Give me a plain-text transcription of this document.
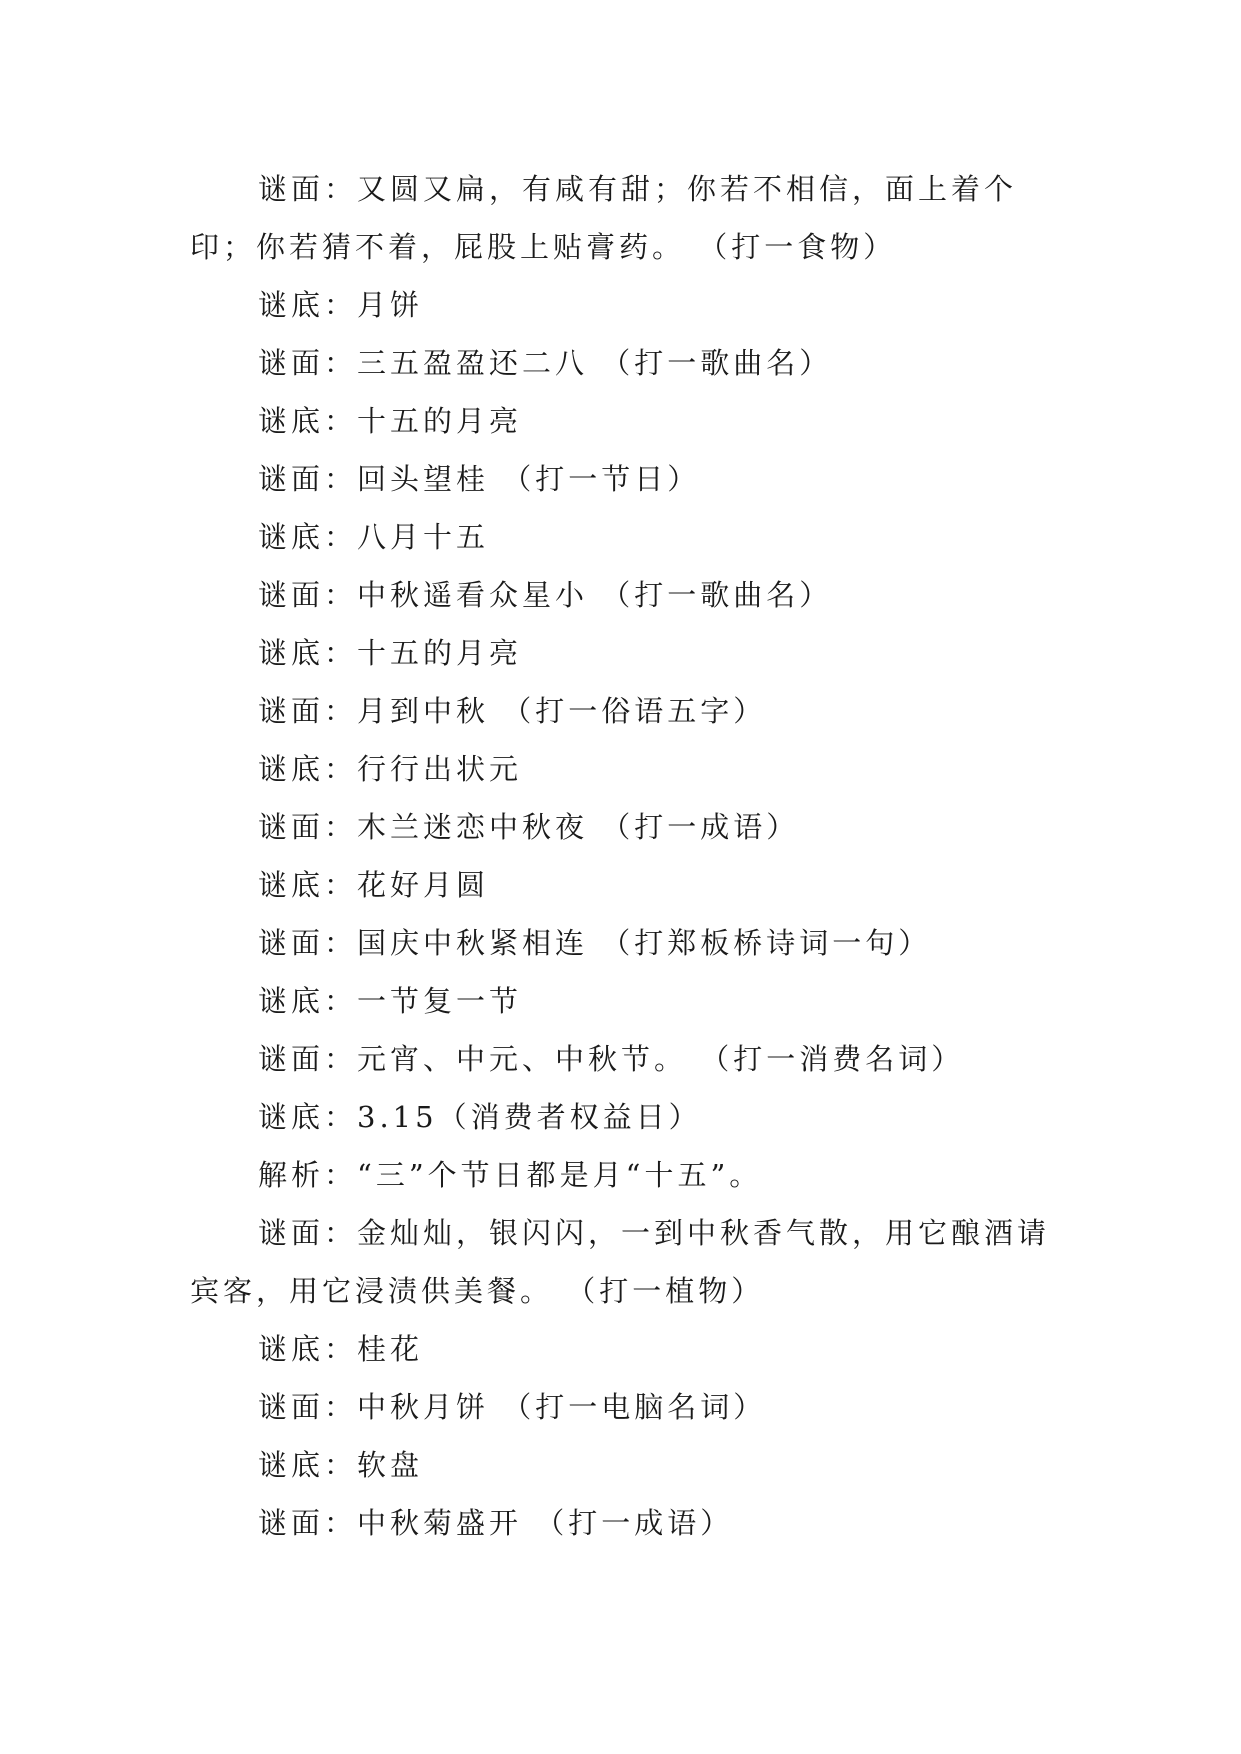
谜面：又圆又扁，有咸有甜；你若不相信，面上着个印；你若猜不着，屁股上贴膏药。 （打一食物）

谜底：月饼

谜面：三五盈盈还二八 （打一歌曲名）

谜底：十五的月亮

谜面：回头望桂 （打一节日）

谜底：八月十五

谜面：中秋遥看众星小 （打一歌曲名）

谜底：十五的月亮

谜面：月到中秋 （打一俗语五字）

谜底：行行出状元

谜面：木兰迷恋中秋夜 （打一成语）

谜底：花好月圆

谜面：国庆中秋紧相连 （打郑板桥诗词一句）

谜底：一节复一节

谜面：元宵、中元、中秋节。 （打一消费名词）

谜底：3.15（消费者权益日）

解析：“三”个节日都是月“十五”。

谜面：金灿灿，银闪闪，一到中秋香气散，用它酿酒请宾客，用它浸渍供美餐。 （打一植物）

谜底：桂花

谜面：中秋月饼 （打一电脑名词）

谜底：软盘

谜面：中秋菊盛开 （打一成语）
